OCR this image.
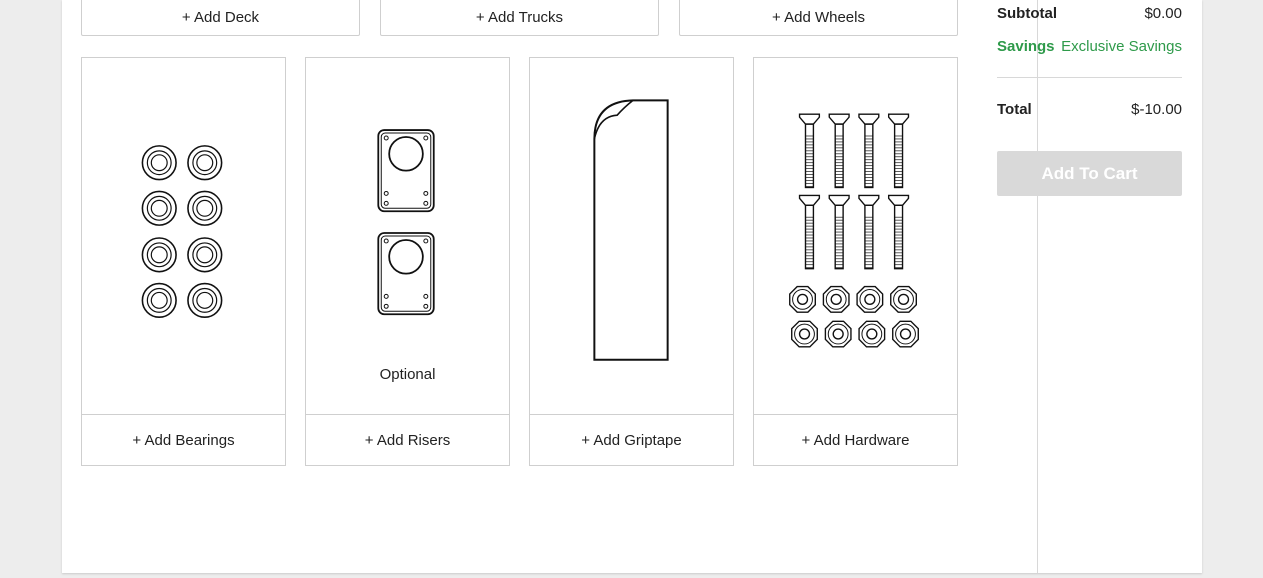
+ Add Deck	+ Add Trucks	+ Add Wheels
+ Add Bearings
Optional
+ Add Risers	+ Add Griptape	+ Add Hardware
Subtotal	$0.00
Savings Exclusive Savings
Total	$-10.00
Add To Cart
